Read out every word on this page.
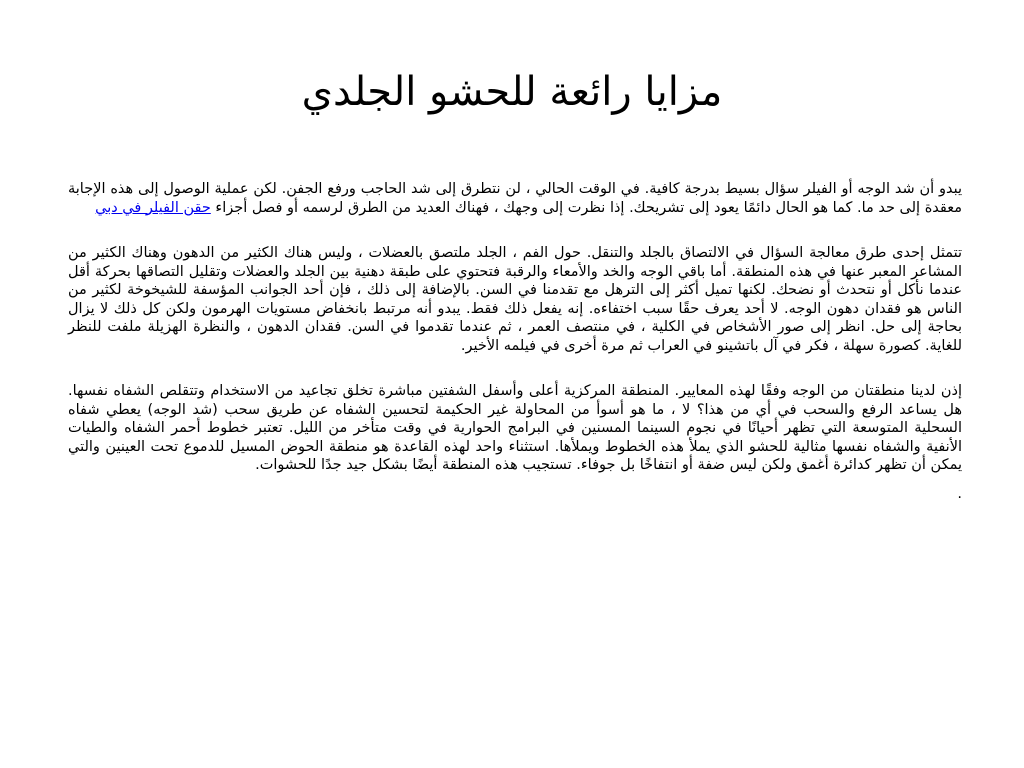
مزايا رائعة للحشو الجلدي

يبدو أن شد الوجه أو الفيلر سؤال بسيط بدرجة كافية. في الوقت الحالي ، لن نتطرق إلى شد الحاجب ورفع الجفن. لكن عملية الوصول إلى هذه الإجابة معقدة إلى حد ما. كما هو الحال دائمًا يعود إلى تشريحك. إذا نظرت إلى وجهك ، فهناك العديد من الطرق لرسمه أو فصل أجزاء حقن الفيلر في دبي

تتمثل إحدى طرق معالجة السؤال في الالتصاق بالجلد والتنقل. حول الفم ، الجلد ملتصق بالعضلات ، وليس هناك الكثير من الدهون وهناك الكثير من المشاعر المعبر عنها في هذه المنطقة. أما باقي الوجه والخد والأمعاء والرقبة فتحتوي على طبقة دهنية بين الجلد والعضلات وتقليل التصاقها بحركة أقل عندما نأكل أو نتحدث أو نضحك. لكنها تميل أكثر إلى الترهل مع تقدمنا في السن. بالإضافة إلى ذلك ، فإن أحد الجوانب المؤسفة للشيخوخة لكثير من الناس هو فقدان دهون الوجه. لا أحد يعرف حقًا سبب اختفاءه. إنه يفعل ذلك فقط. يبدو أنه مرتبط بانخفاض مستويات الهرمون ولكن كل ذلك لا يزال بحاجة إلى حل. انظر إلى صور الأشخاص في الكلية ، في منتصف العمر ، ثم عندما تقدموا في السن. فقدان الدهون ، والنظرة الهزيلة ملفت للنظر للغاية. كصورة سهلة ، فكر في آل باتشينو في العراب ثم مرة أخرى في فيلمه الأخير.

إذن لدينا منطقتان من الوجه وفقًا لهذه المعايير. المنطقة المركزية أعلى وأسفل الشفتين مباشرة تخلق تجاعيد من الاستخدام وتتقلص الشفاه نفسها. هل يساعد الرفع والسحب في أي من هذا؟ لا ، ما هو أسوأ من المحاولة غير الحكيمة لتحسين الشفاه عن طريق سحب (شد الوجه) يعطي شفاه السحلية المتوسعة التي تظهر أحيانًا في نجوم السينما المسنين في البرامج الحوارية في وقت متأخر من الليل. تعتبر خطوط أحمر الشفاه والطيات الأنفية والشفاه نفسها مثالية للحشو الذي يملأ هذه الخطوط ويملأها. استثناء واحد لهذه القاعدة هو منطقة الحوض المسيل للدموع تحت العينين والتي يمكن أن تظهر كدائرة أغمق ولكن ليس ضفة أو انتفاخًا بل جوفاء. تستجيب هذه المنطقة أيضًا بشكل جيد جدًا للحشوات.

.
